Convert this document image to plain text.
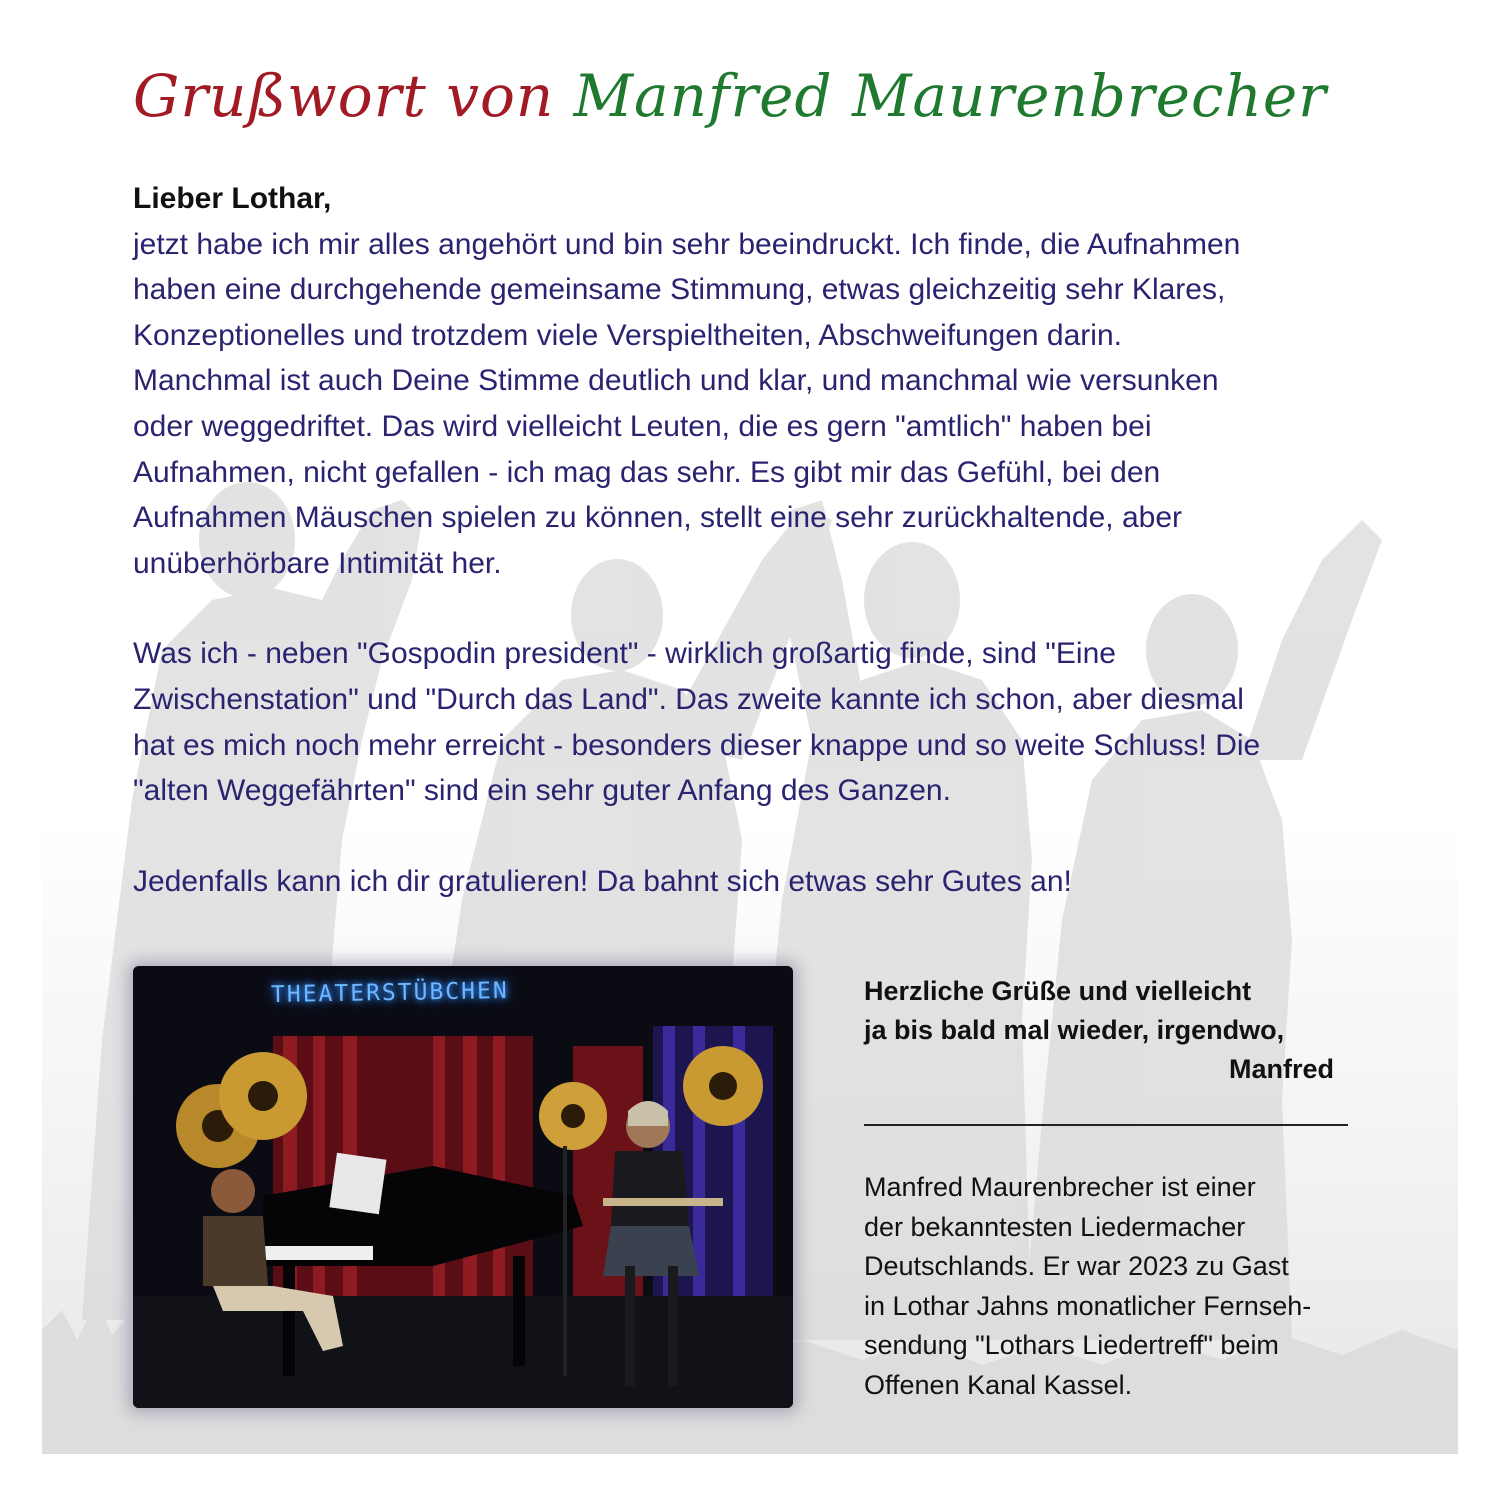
Grußwort von Manfred Maurenbrecher

Lieber Lothar,

jetzt habe ich mir alles angehört und bin sehr beeindruckt. Ich finde, die Aufnahmen
haben eine durchgehende gemeinsame Stimmung, etwas gleichzeitig sehr Klares,
Konzeptionelles und trotzdem viele Verspieltheiten, Abschweifungen darin.
Manchmal ist auch Deine Stimme deutlich und klar, und manchmal wie versunken
oder weggedriftet. Das wird vielleicht Leuten, die es gern "amtlich" haben bei
Aufnahmen, nicht gefallen - ich mag das sehr. Es gibt mir das Gefühl, bei den
Aufnahmen Mäuschen spielen zu können, stellt eine sehr zurückhaltende, aber
unüberhörbare Intimität her.

Was ich - neben "Gospodin president" - wirklich großartig finde, sind "Eine
Zwischenstation" und "Durch das Land". Das zweite kannte ich schon, aber diesmal
hat es mich noch mehr erreicht - besonders dieser knappe und so weite Schluss! Die
"alten Weggefährten" sind ein sehr guter Anfang des Ganzen.

Jedenfalls kann ich dir gratulieren! Da bahnt sich etwas sehr Gutes an!

THEATERSTÜBCHEN	Herzliche Grüße und vielleicht

ja bis bald mal wieder, irgendwo,

Manfred

Manfred Maurenbrecher ist einer

der bekanntesten Liedermacher

Deutschlands. Er war 2023 zu Gast

in Lothar Jahns monatlicher Fernseh-

sendung "Lothars Liedertreff" beim

Offenen Kanal Kassel.
